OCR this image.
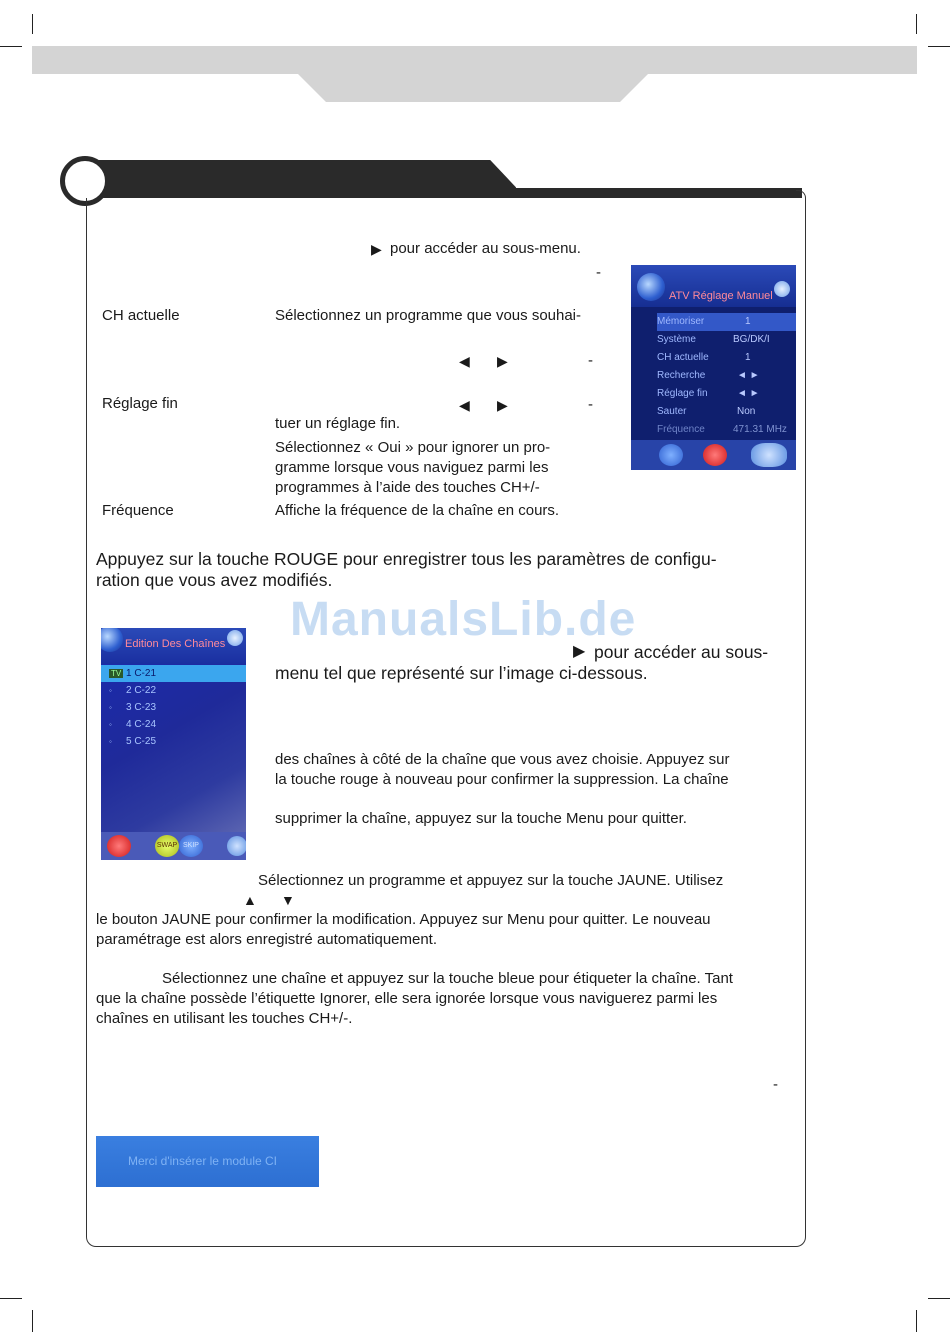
▶ pour accéder au sous-menu.
-
CH actuelle	Sélectionnez un programme que vous souhai-
◀ ▶	-
Réglage fin	◀ ▶	-
tuer un réglage fin.
Sélectionnez « Oui » pour ignorer un pro-
gramme lorsque vous naviguez parmi les
programmes à l’aide des touches CH+/-
Fréquence	Affiche la fréquence de la chaîne en cours.
ATV Réglage Manuel
Mémoriser	1
Système	BG/DK/I
CH actuelle	1
Recherche	◄ ►
Réglage fin	◄ ►
Sauter	Non
Fréquence	471.31 MHz
Appuyez sur la touche ROUGE pour enregistrer tous les paramètres de configu-
ration que vous avez modifiés.
ManualsLib.de
Edition Des Chaînes
TV 1 C-21
◦ 2 C-22
◦ 3 C-23
◦ 4 C-24
◦ 5 C-25
SWAP SKIP
▶ pour accéder au sous-
menu tel que représenté sur l’image ci-dessous.
des chaînes à côté de la chaîne que vous avez choisie. Appuyez sur
la touche rouge à nouveau pour confirmer la suppression. La chaîne
supprimer la chaîne, appuyez sur la touche Menu pour quitter.
Sélectionnez un programme et appuyez sur la touche JAUNE. Utilisez
▲ ▼
le bouton JAUNE pour confirmer la modification. Appuyez sur Menu pour quitter. Le nouveau
paramétrage est alors enregistré automatiquement.
Sélectionnez une chaîne et appuyez sur la touche bleue pour étiqueter la chaîne. Tant
que la chaîne possède l’étiquette Ignorer, elle sera ignorée lorsque vous naviguerez parmi les
chaînes en utilisant les touches CH+/-.
-
Merci d'insérer le module CI
